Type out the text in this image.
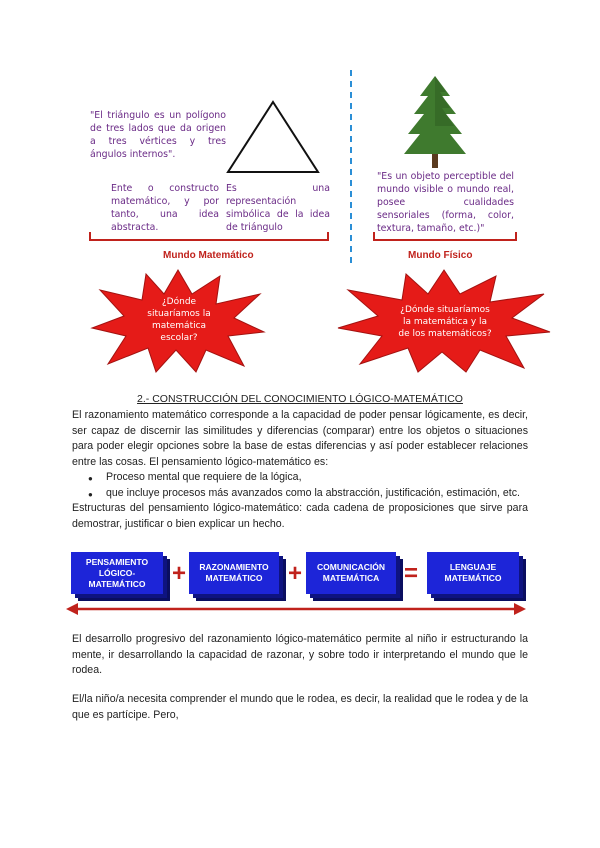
"El triángulo es un polígono de tres lados que da origen a tres vértices y tres ángulos internos".
Ente o constructo matemático, y por tanto, una idea abstracta.
Es una representación simbólica de la idea de triángulo
Mundo Matemático
"Es un objeto perceptible del mundo visible o mundo real, posee cualidades sensoriales (forma, color, textura, tamaño, etc.)"
Mundo Físico
¿Dónde situaríamos la matemática escolar?
¿Dónde situaríamos la matemática y la de los matemáticos?
2.- CONSTRUCCIÓN DEL CONOCIMIENTO LÓGICO-MATEMÁTICO

El razonamiento matemático corresponde a la capacidad de poder pensar lógicamente, es decir, ser capaz de discernir las similitudes y diferencias (comparar) entre los objetos o situaciones para poder elegir opciones sobre la base de estas diferencias y así poder establecer relaciones entre las cosas. El pensamiento lógico-matemático es:

● Proceso mental que requiere de la lógica,
● que incluye procesos más avanzados como la abstracción, justificación, estimación, etc.

Estructuras del pensamiento lógico-matemático: cada cadena de proposiciones que sirve para demostrar, justificar o bien explicar un hecho.

PENSAMIENTO LÓGICO-MATEMÁTICO	+	RAZONAMIENTO MATEMÁTICO	+	COMUNICACIÓN MATEMÁTICA	=	LENGUAJE MATEMÁTICO
El desarrollo progresivo del razonamiento lógico-matemático permite al niño ir estructurando la mente, ir desarrollando la capacidad de razonar, y sobre todo ir interpretando el mundo que le rodea.
El/la niño/a necesita comprender el mundo que le rodea, es decir, la realidad que le rodea y de la que es partícipe. Pero,
